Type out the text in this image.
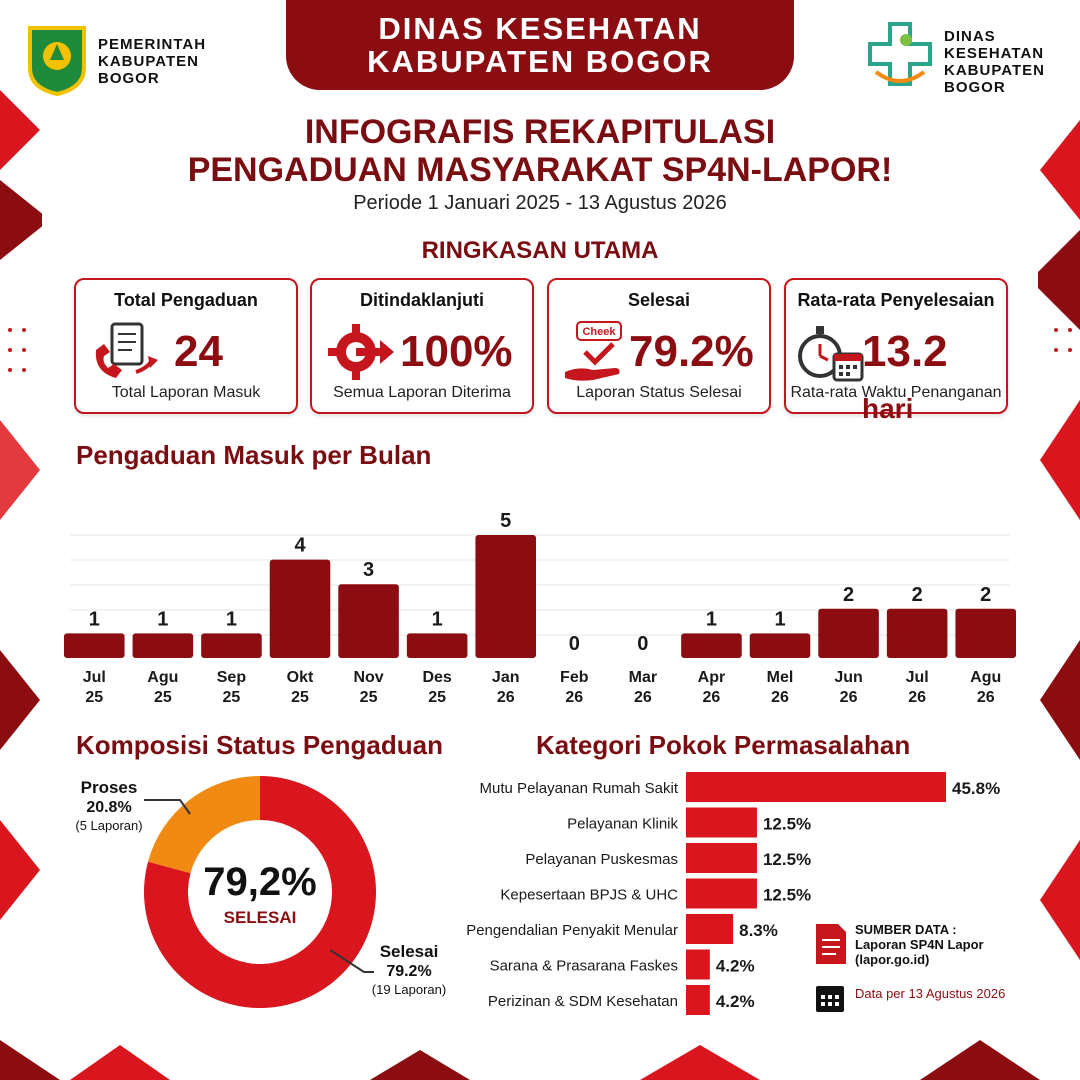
PEMERINTAH
KABUPATEN
BOGOR
DINAS KESEHATAN
KABUPATEN BOGOR
DINAS
KESEHATAN
KABUPATEN
BOGOR
INFOGRAFIS REKAPITULASI
PENGADUAN MASYARAKAT SP4N-LAPOR!
Periode 1 Januari 2025 - 13 Agustus 2026
RINGKASAN UTAMA
Total Pengaduan
24
Total Laporan Masuk
Ditindaklanjuti
100%
Semua Laporan Diterima
Selesai
Cheek 79.2%
Laporan Status Selesai
Rata-rata Penyelesaian
13.2 hari
Rata-rata Waktu Penanganan
Pengaduan Masuk per Bulan
1
Jul
25
1
Agu
25
1
Sep
25
4
Okt
25
3
Nov
25
1
Des
25
5
Jan
26
0
Feb
26
0
Mar
26
1
Apr
26
1
Mel
26
2
Jun
26
2
Jul
26
2
Agu
26
Komposisi Status Pengaduan
79,2%
SELESAI
Proses
20.8%
(5 Laporan)
Selesai
79.2%
(19 Laporan)
Kategori Pokok Permasalahan
Mutu Pelayanan Rumah Sakit	45.8%
Pelayanan Klinik	12.5%
Pelayanan Puskesmas	12.5%
Kepesertaan BPJS & UHC	12.5%
Pengendalian Penyakit Menular	8.3%
Sarana & Prasarana Faskes 4.2%
Perizinan & SDM Kesehatan 4.2%
SUMBER DATA :
Laporan SP4N Lapor
(lapor.go.id)
Data per 13 Agustus 2026
